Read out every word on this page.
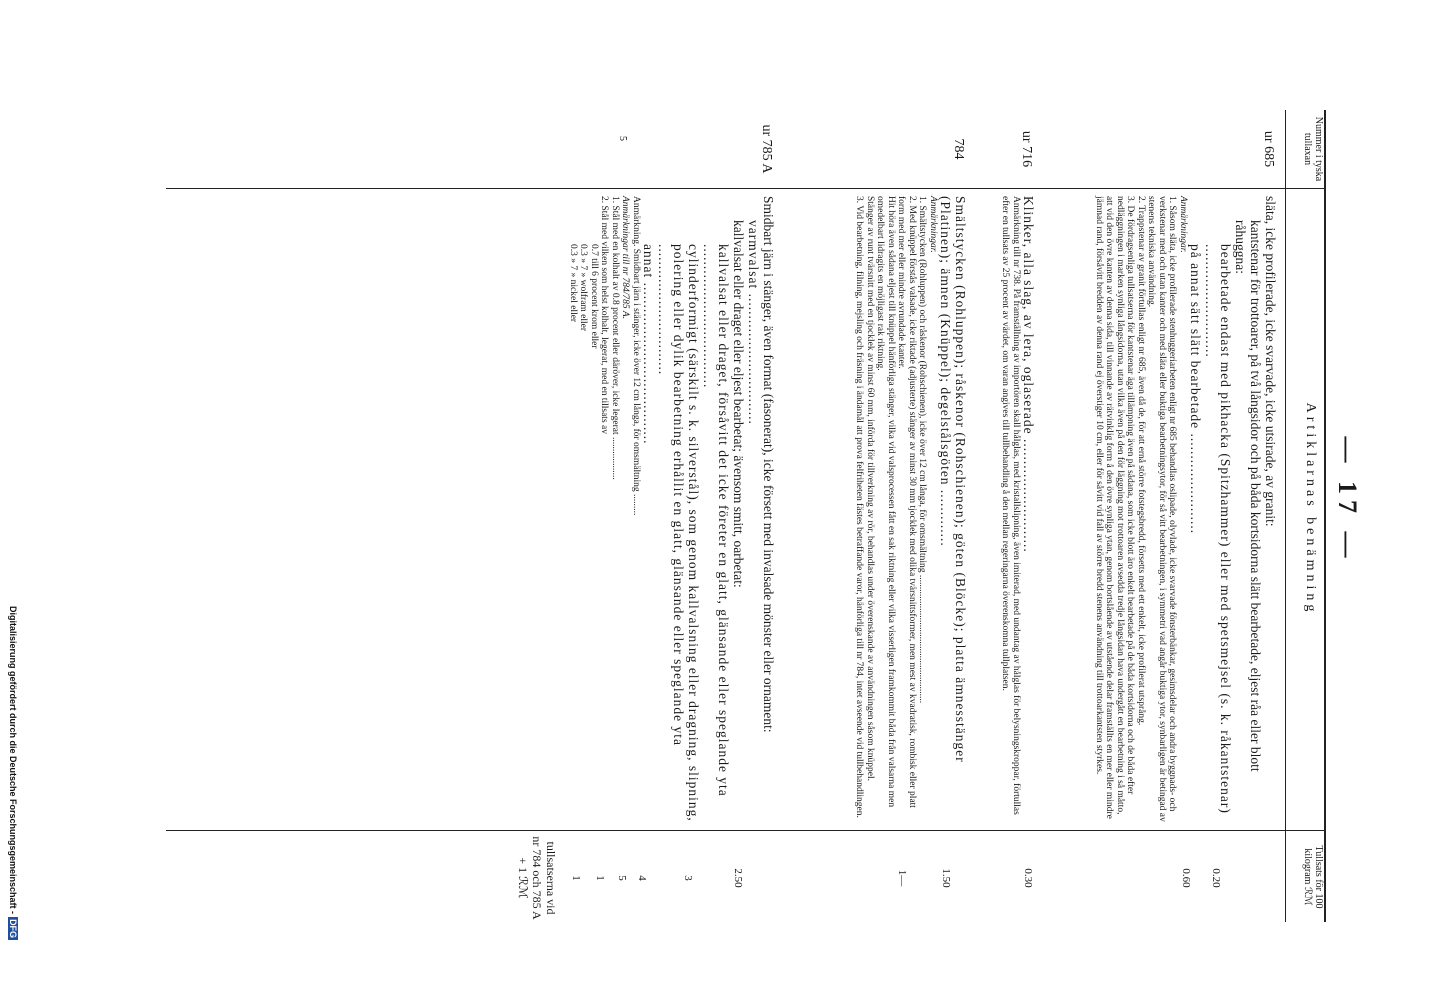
— 17 —
Nummer i tyska tullaxan
Artiklarnas benämning
Tullsats för 100 kilogram ℛℳ
ur 685
släta, icke profilerade, icke svarvade, icke utsirade, av granit:
kantstenar för trottoarer, på två långsidor och på båda kortsidorna slätt bearbetade, eljest råa eller blott råhuggna:
bearbetade endast med pikhacka (Spitzhammer) eller med spetsmejsel (s. k. råkantstenar) ..........................
på annat sätt slätt bearbetade .......................
Anmärkningar.
1. Såsom släta, icke profilerade stenhuggeriarbeten enligt nr 685 behandlas oslipade, olyvlade, icke svarvade fönsterbänkar, gesimsdelar och andra byggnads- och verkstenar med och utan kanter och med släta eller buktiga bearbetningsytor, för så vitt bearbetningen, i symmetri vad angår buktiga ytor, synbarligen är betingad av stenens tekniska användning.
2. Trappstenar av granit förtullas enligt nr 685, även då de, för att ernå större fotstegsbredd, försetts med ett enkelt, icke profilerat utsprång.
3. De fördragsenliga tullsatserna för kantstenar äga tillämpning även på sådana, som icke blott äro enkelt bearbetade på de båda kortsidorna och de båda efter nedläggningen i marken synliga långsidorna, utan vilka även på den för läggning mot trottoaren avsedda tredje långsidan hava undergått en bearbetning i så måtto, att vid den övre kanten av denna sida, till vinnande av rätvinklig form å den övre synliga ytan, genom bortslående av utstående delar framställts en mer eller mindre jämnad rand, försåvitt bredden av denna rand ej överstiger 10 cm, eller för såvitt vid fall av större bredd stenens användning till trottoarkantsten styrkes.
0.20
0.60
ur 716
Klinker, alla slag, av lera, oglaserade ..........................
Anmärkning till nr 738. På framställning av importören skall hålglas, med kristallslipning, även imiterad, med undantag av hålglas för belysningskroppar, förtullas efter en tullsats av 25 procent av värdet, om varan angives till tullbehandling å den mellan regeringarna överenskomna tullplatsen.
0.30
784
Smältstycken (Rohluppen); råskenor (Rohschienen); göten (Blöcke); platta ämnesstänger (Platinen); ämnen (Knüppel); degelstålsgöten .............
Anmärkningar.
1. Smältstycken (Rohluppen) och råskenor (Rohschienen), icke över 12 cm långa, för omsmältning ......................................................
2. Med knüppel förstås valsade, icke riktade (adjusterte) stänger av minst 30 mm tjocklek med olika tvärsnittsformer, men mest av kvadratisk, rombisk eller platt form med mer eller mindre avrundade kanter.
Hit höra även sådana eljest till knüppel hänförliga stänger, vilka vid valsprocessen fått en sak riktning eller vilka visserligen framkommit båda från valsarna men omedelbart lidragits en möjligast rak riktning.
Stänger av runt tvärsnitt med en tjocklek av minst 60 mm, införda för tillverkning av rör, behandlas under överenskande av användningen såsom knüppel.
3. Vid bearbetning, filning, mejsling och fräsning i ändamål att prova felfriheten fästes betraffande varor, hänförliga till nr 784, intet avseende vid tullbehandlingen.
1.50
1—
ur 785 A
Smidbart järn i stänger, även format (fasonerat), icke försett med invalsade mönster eller ornament:
varmvalsat ..............................
kallvalsat eller draget eller eljest bearbetat; ävensom smitt, oarbetat:
kallvalsat eller draget, försåvitt det icke företer en glatt, glänsande eller speglande yta .................................
cylinderformigt (särskilt s. k. silverstål), som genom kallvalsning eller dragning, slipning, polering eller dylik bearbetning erhållit en glatt, glänsande eller speglande yta ..............................
annat .....................................
Anmärkning. Smidbart järn i stänger, icke över 12 cm långa, för omsmältning .........
Anmärkningar till nr 784/785 A.
1. Stål med en kolhalt av 0.8 procent eller däröver, icke legerat ..................
2. Stål med vilken som helst kolhalt, legerat, med en tillsats av
0.7 till 6 procent krom eller
0.3 » 7 » wolfram eller
0.3 » 7 » nickel eller
2.50
3
4
5
1
1
tullsatserna vid nr 784 och 785 A + 1 ℛℳ
5
Digitalisierung gefördert durch die Deutsche Forschungsgemeinschaft -DFG
